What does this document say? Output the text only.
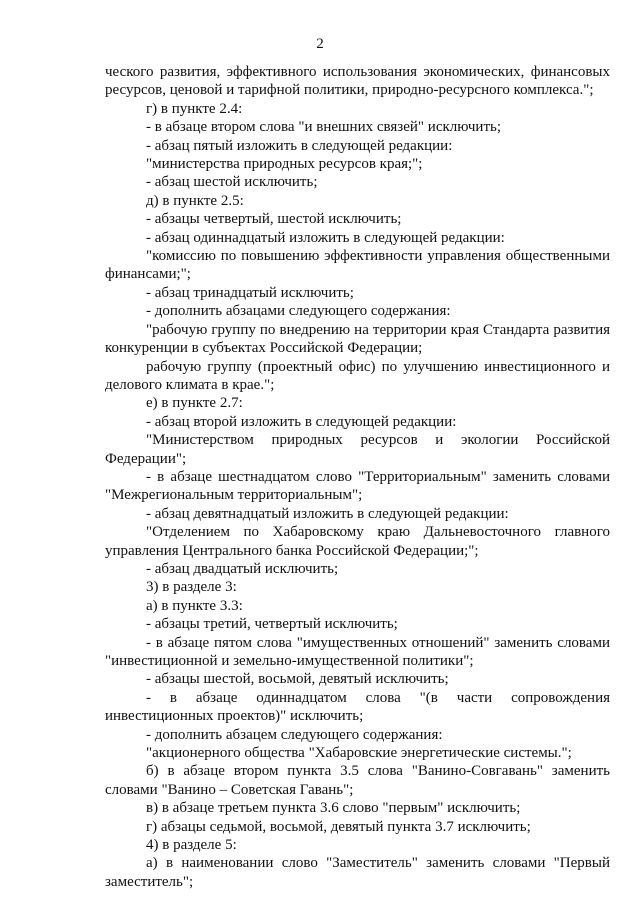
2

ческого развития, эффективного использования экономических, финансовых ресурсов, ценовой и тарифной политики, природно-ресурсного комплекса.";

г) в пункте 2.4:

- в абзаце втором слова "и внешних связей" исключить;

- абзац пятый изложить в следующей редакции:

"министерства природных ресурсов края;";

- абзац шестой исключить;

д) в пункте 2.5:

- абзацы четвертый, шестой исключить;

- абзац одиннадцатый изложить в следующей редакции:

"комиссию по повышению эффективности управления общественными финансами;";

- абзац тринадцатый исключить;

- дополнить абзацами следующего содержания:

"рабочую группу по внедрению на территории края Стандарта развития конкуренции в субъектах Российской Федерации;

рабочую группу (проектный офис) по улучшению инвестиционного и делового климата в крае.";

е) в пункте 2.7:

- абзац второй изложить в следующей редакции:

"Министерством природных ресурсов и экологии Российской Федерации";

- в абзаце шестнадцатом слово "Территориальным" заменить словами "Межрегиональным территориальным";

- абзац девятнадцатый изложить в следующей редакции:

"Отделением по Хабаровскому краю Дальневосточного главного управления Центрального банка Российской Федерации;";

- абзац двадцатый исключить;

3) в разделе 3:

а) в пункте 3.3:

- абзацы третий, четвертый исключить;

- в абзаце пятом слова "имущественных отношений" заменить словами "инвестиционной и земельно-имущественной политики";

- абзацы шестой, восьмой, девятый исключить;

- в абзаце одиннадцатом слова "(в части сопровождения инвестиционных проектов)" исключить;

- дополнить абзацем следующего содержания:

"акционерного общества "Хабаровские энергетические системы.";

б) в абзаце втором пункта 3.5 слова "Ванино-Совгавань" заменить словами "Ванино – Советская Гавань";

в) в абзаце третьем пункта 3.6 слово "первым" исключить;

г) абзацы седьмой, восьмой, девятый пункта 3.7 исключить;

4) в разделе 5:

а) в наименовании слово "Заместитель" заменить словами "Первый заместитель";
